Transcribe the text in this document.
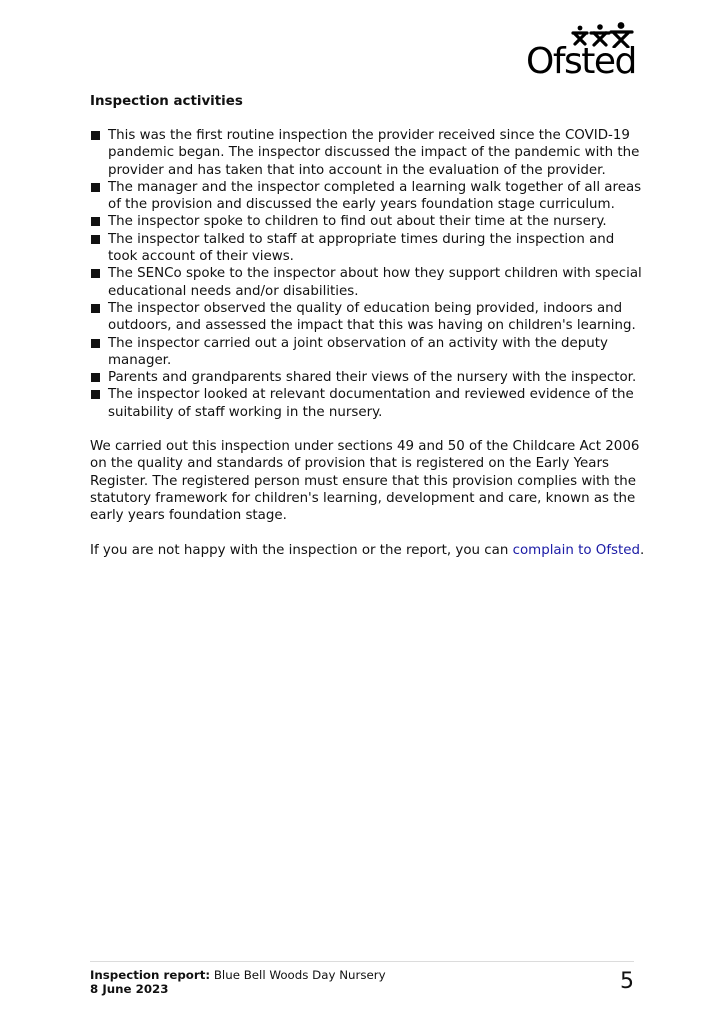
Ofsted
Inspection activities
This was the first routine inspection the provider received since the COVID-19 pandemic began. The inspector discussed the impact of the pandemic with the provider and has taken that into account in the evaluation of the provider.
The manager and the inspector completed a learning walk together of all areas of the provision and discussed the early years foundation stage curriculum.
The inspector spoke to children to find out about their time at the nursery.
The inspector talked to staff at appropriate times during the inspection and took account of their views.
The SENCo spoke to the inspector about how they support children with special educational needs and/or disabilities.
The inspector observed the quality of education being provided, indoors and outdoors, and assessed the impact that this was having on children's learning.
The inspector carried out a joint observation of an activity with the deputy manager.
Parents and grandparents shared their views of the nursery with the inspector.
The inspector looked at relevant documentation and reviewed evidence of the suitability of staff working in the nursery.

We carried out this inspection under sections 49 and 50 of the Childcare Act 2006 on the quality and standards of provision that is registered on the Early Years Register. The registered person must ensure that this provision complies with the statutory framework for children's learning, development and care, known as the early years foundation stage.

If you are not happy with the inspection or the report, you can complain to Ofsted.

Inspection report: Blue Bell Woods Day Nursery
8 June 2023	5
